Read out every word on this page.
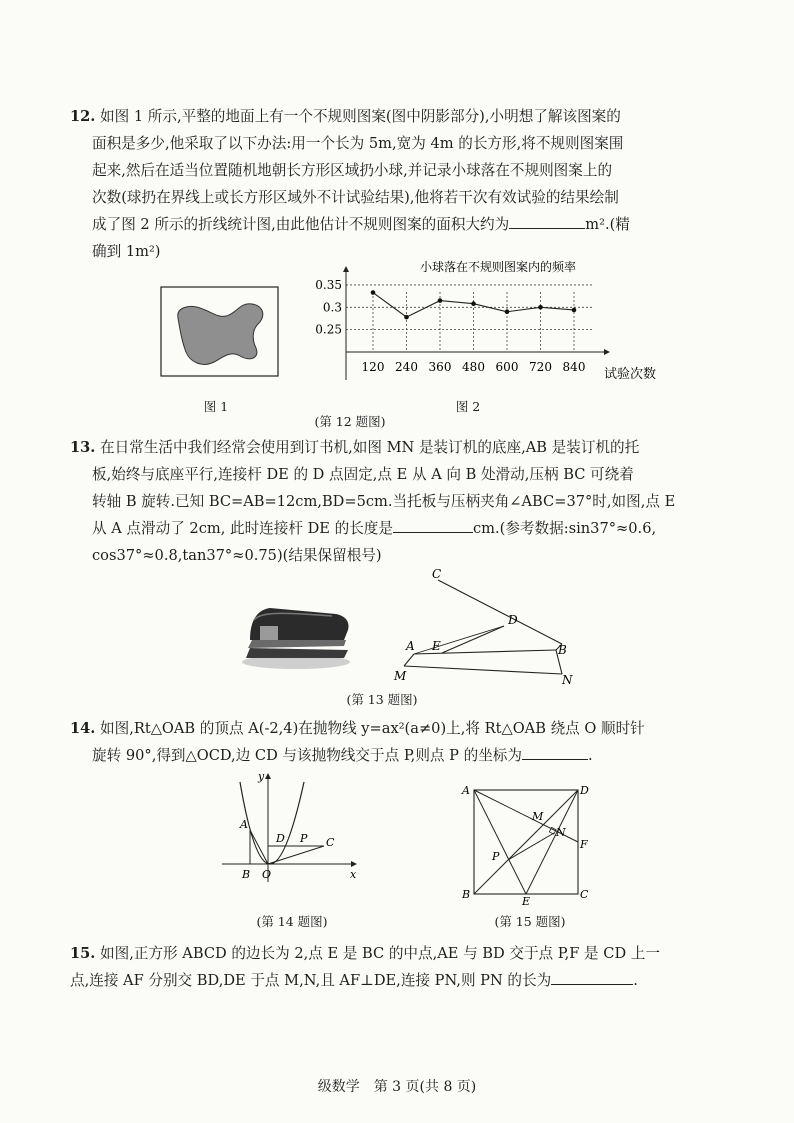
12. 如图 1 所示,平整的地面上有一个不规则图案(图中阴影部分),小明想了解该图案的
面积是多少,他采取了以下办法:用一个长为 5m,宽为 4m 的长方形,将不规则图案围
起来,然后在适当位置随机地朝长方形区域扔小球,并记录小球落在不规则图案上的
次数(球扔在界线上或长方形区域外不计试验结果),他将若干次有效试验的结果绘制
成了图 2 所示的折线统计图,由此他估计不规则图案的面积大约为	m².(精
确到 1m²)
图 1
小球落在不规则图案内的频率
0.35
0.3
0.25
120 240 360 480 600 720 840 试验次数
图 2
(第 12 题图)
13. 在日常生活中我们经常会使用到订书机,如图 MN 是装订机的底座,AB 是装订机的托
板,始终与底座平行,连接杆 DE 的 D 点固定,点 E 从 A 向 B 处滑动,压柄 BC 可绕着
转轴 B 旋转.已知 BC=AB=12cm,BD=5cm.当托板与压柄夹角∠ABC=37°时,如图,点 E
从 A 点滑动了 2cm, 此时连接杆 DE 的长度是	cm.(参考数据:sin37°≈0.6,
cos37°≈0.8,tan37°≈0.75)(结果保留根号)
C
D
A E	B
M	N
(第 13 题图)
14. 如图,Rt△OAB 的顶点 A(-2,4)在抛物线 y=ax²(a≠0)上,将 Rt△OAB 绕点 O 顺时针
旋转 90°,得到△OCD,边 CD 与该抛物线交于点 P,则点 P 的坐标为	.
y
x
A
B O
D P C
(第 14 题图)
A	D
M
N
F
P
B
E
C
(第 15 题图)
15. 如图,正方形 ABCD 的边长为 2,点 E 是 BC 的中点,AE 与 BD 交于点 P,F 是 CD 上一
点,连接 AF 分别交 BD,DE 于点 M,N,且 AF⊥DE,连接 PN,则 PN 的长为	.
级数学　第 3 页(共 8 页)
